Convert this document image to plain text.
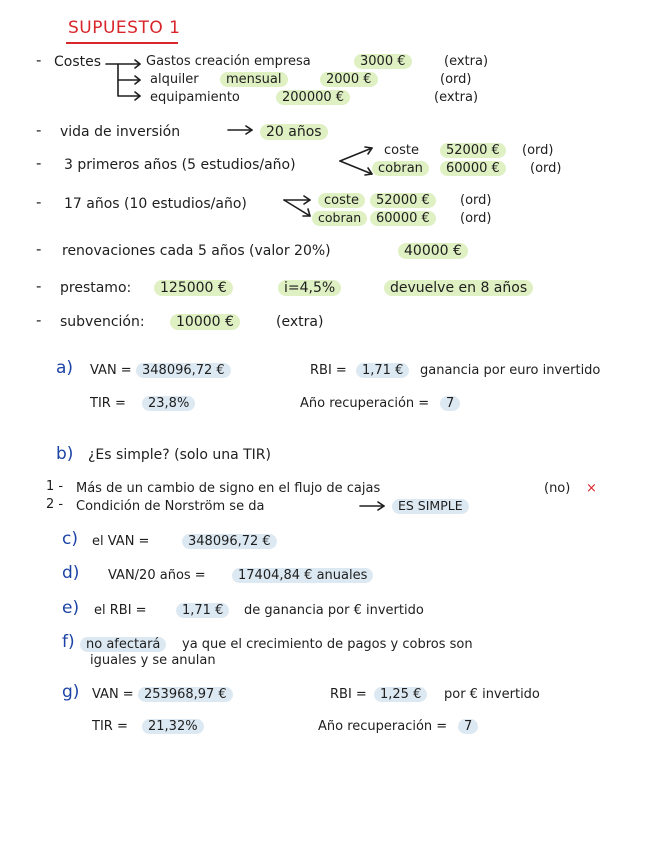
SUPUESTO 1
- Costes	Gastos creación empresa	3000 €	(extra)
alquiler	mensual	2000 €	(ord)
equipamiento	200000 €	(extra)
- vida de inversión	20 años
- 3 primeros años (5 estudios/año)
coste	52000 €	(ord)
cobran	60000 €	(ord)
- 17 años (10 estudios/año)	coste	52000 €	(ord)
cobran	60000 €	(ord)
- renovaciones cada 5 años (valor 20%)	40000 €
- prestamo:	125000 €	i=4,5%	devuelve en 8 años
- subvención:	10000 €	(extra)
a) VAN = 348096,72 €	RBI =	1,71 €	ganancia por euro invertido
TIR =	23,8%	Año recuperación =	7
b) ¿Es simple? (solo una TIR)
1 - Más de un cambio de signo en el flujo de cajas	(no) ×
2 - Condición de Norström se da	ES SIMPLE
c) el VAN =	348096,72 €
d) VAN/20 años =	17404,84 € anuales
e) el RBI =	1,71 €	de ganancia por € invertido
f) no afectará	ya que el crecimiento de pagos y cobros son
iguales y se anulan
g) VAN = 253968,97 €	RBI =	1,25 €	por € invertido
TIR =	21,32%	Año recuperación =	7
